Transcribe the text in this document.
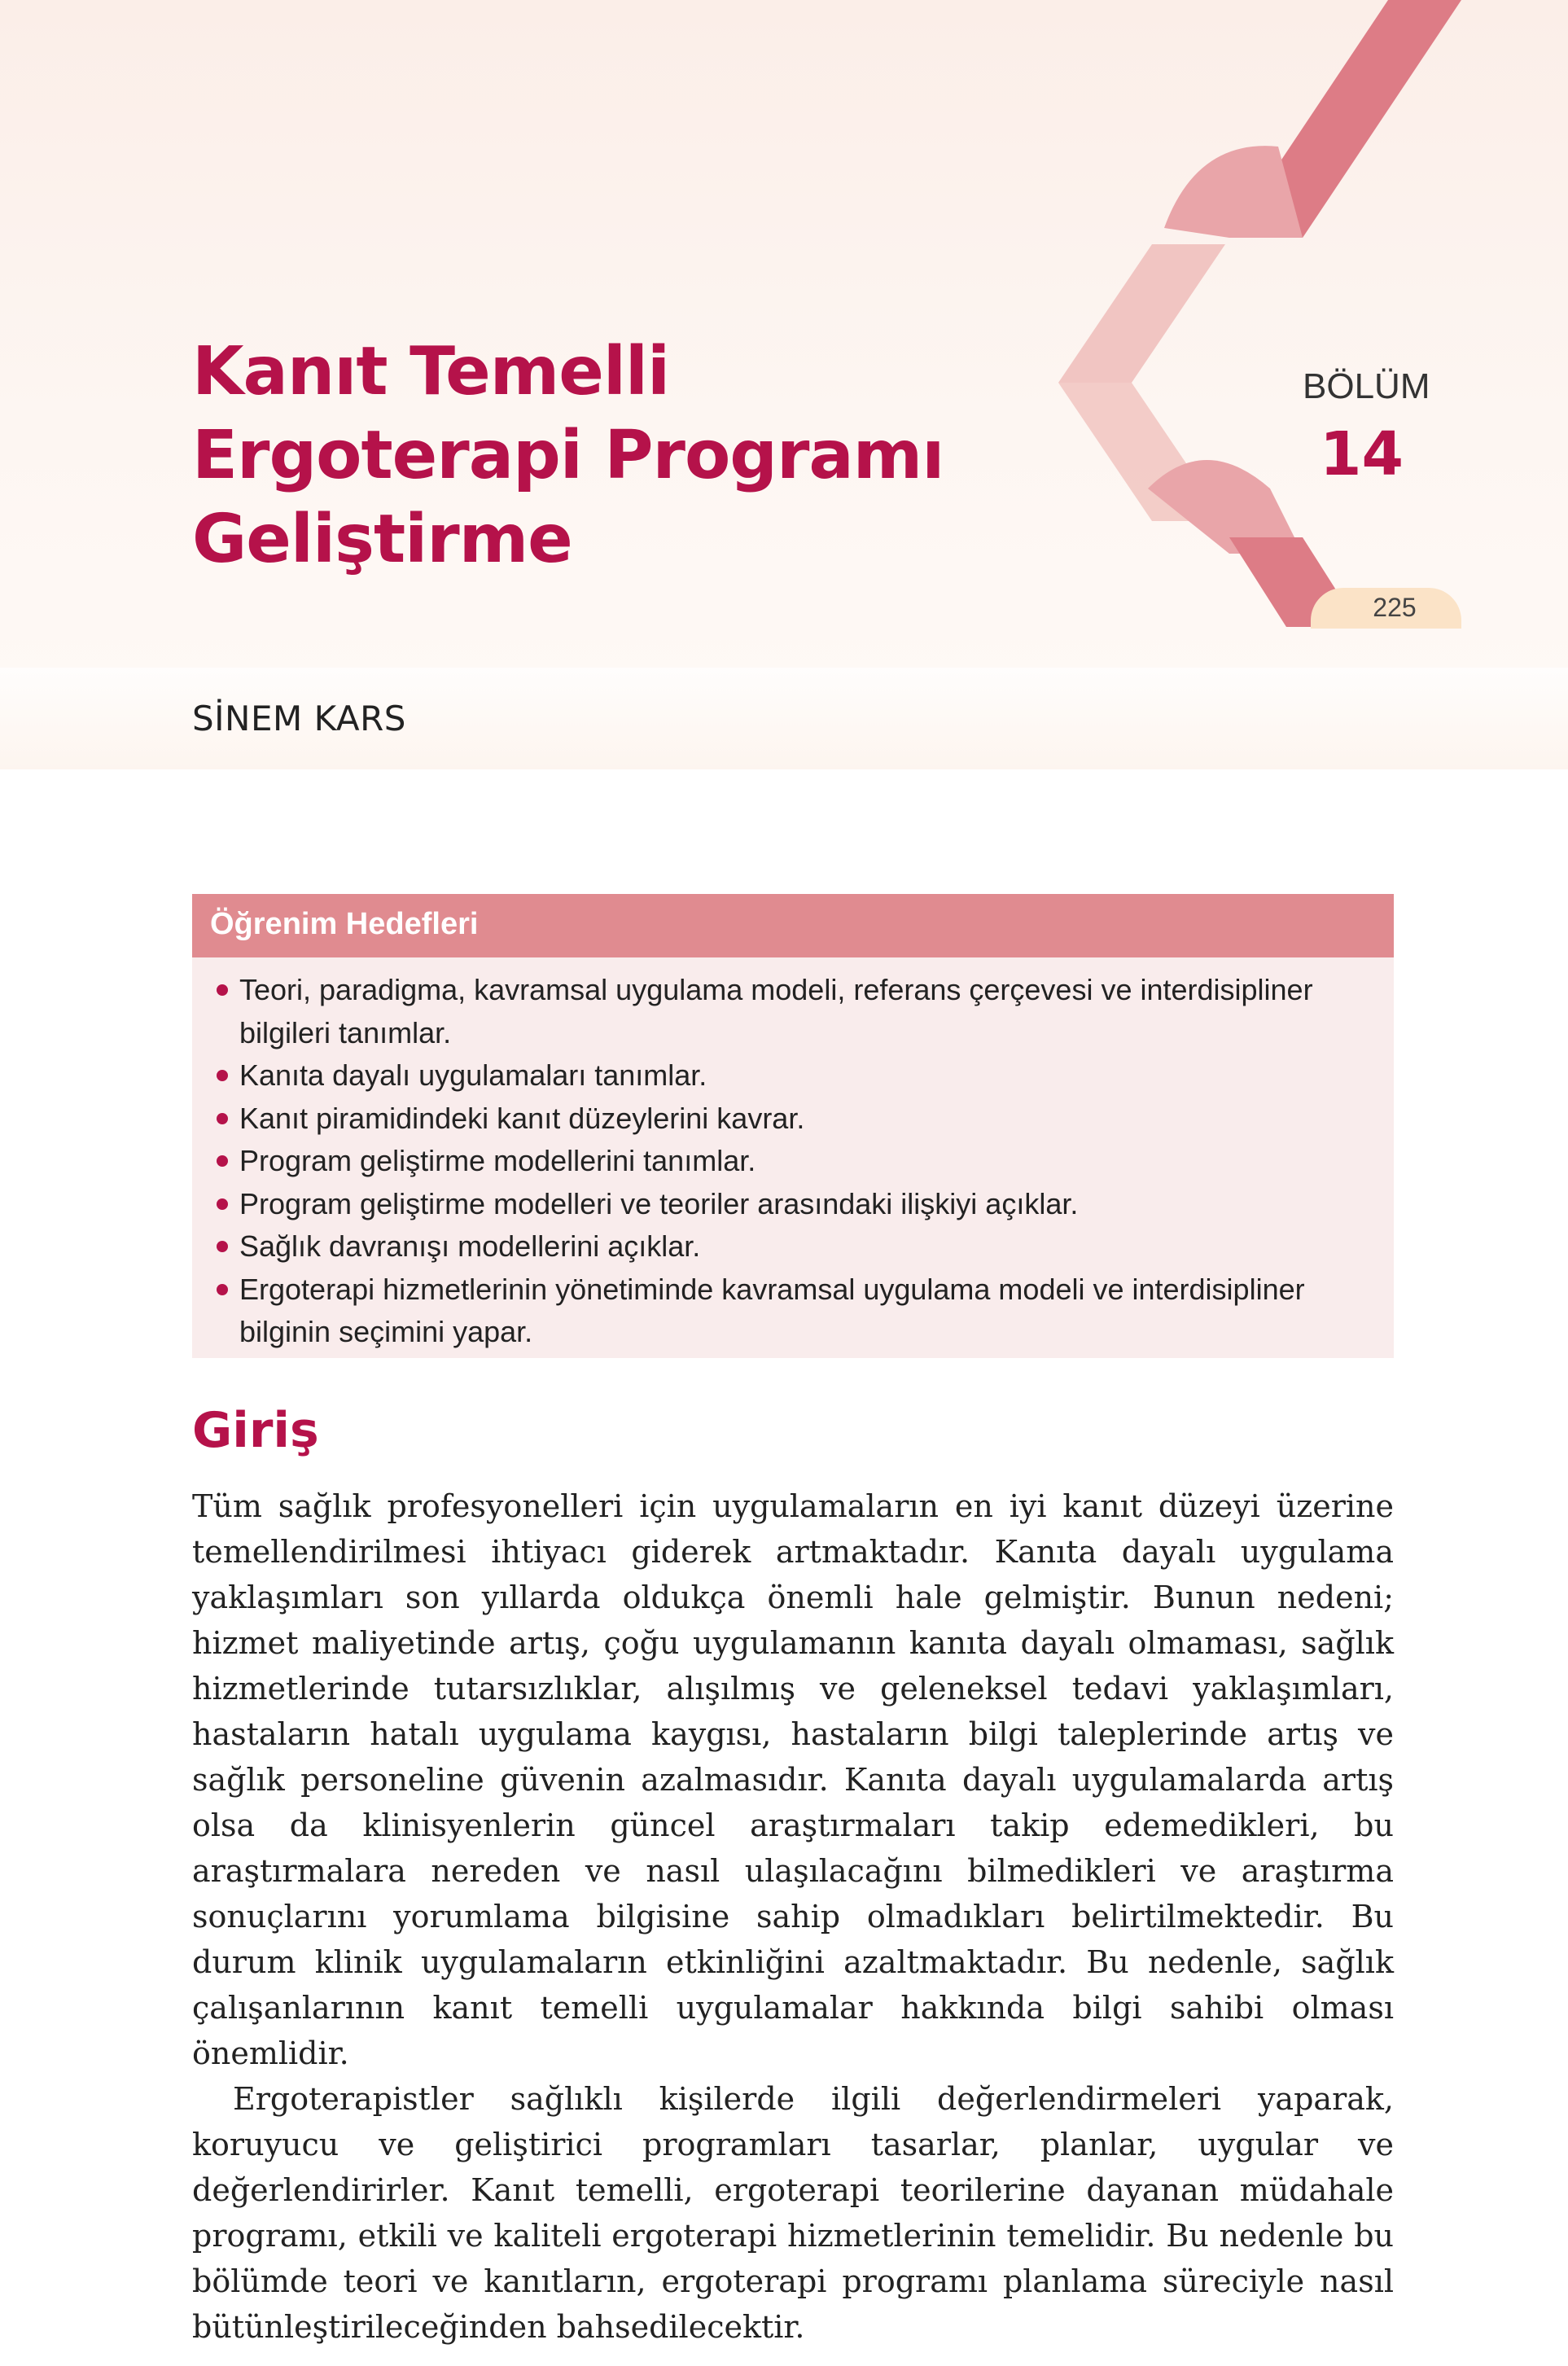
Kanıt Temelli
Ergoterapi Programı
Geliştirme
BÖLÜM
14
225
SİNEM KARS
Öğrenim Hedefleri
Teori, paradigma, kavramsal uygulama modeli, referans çerçevesi ve interdisipliner bilgileri tanımlar.
Kanıta dayalı uygulamaları tanımlar.
Kanıt piramidindeki kanıt düzeylerini kavrar.
Program geliştirme modellerini tanımlar.
Program geliştirme modelleri ve teoriler arasındaki ilişkiyi açıklar.
Sağlık davranışı modellerini açıklar.
Ergoterapi hizmetlerinin yönetiminde kavramsal uygulama modeli ve interdisipliner bilginin seçimini yapar.
Giriş

Tüm sağlık profesyonelleri için uygulamaların en iyi kanıt düzeyi üzerine temellendirilmesi ihtiyacı giderek artmaktadır. Kanıta dayalı uygulama yaklaşımları son yıllarda oldukça önemli hale gelmiştir. Bunun nedeni; hizmet maliyetinde artış, çoğu uygulamanın kanıta dayalı olmaması, sağlık hizmetlerinde tutarsızlıklar, alışılmış ve geleneksel tedavi yaklaşımları, hastaların hatalı uygulama kaygısı, hastaların bilgi taleplerinde artış ve sağlık personeline güvenin azalmasıdır. Kanıta dayalı uygulamalarda artış olsa da klinisyenlerin güncel araştırmaları takip edemedikleri, bu araştırmalara nereden ve nasıl ulaşılacağını bilmedikleri ve araştırma sonuçlarını yorumlama bilgisine sahip olmadıkları belirtilmektedir. Bu durum klinik uygulamaların etkinliğini azaltmaktadır. Bu nedenle, sağlık çalışanlarının kanıt temelli uygulamalar hakkında bilgi sahibi olması önemlidir.

Ergoterapistler sağlıklı kişilerde ilgili değerlendirmeleri yaparak, koruyucu ve geliştirici programları tasarlar, planlar, uygular ve değerlendirirler. Kanıt temelli, ergoterapi teorilerine dayanan müdahale programı, etkili ve kaliteli ergoterapi hizmetlerinin temelidir. Bu nedenle bu bölümde teori ve kanıtların, ergoterapi programı planlama süreciyle nasıl bütünleştirileceğinden bahsedilecektir.
